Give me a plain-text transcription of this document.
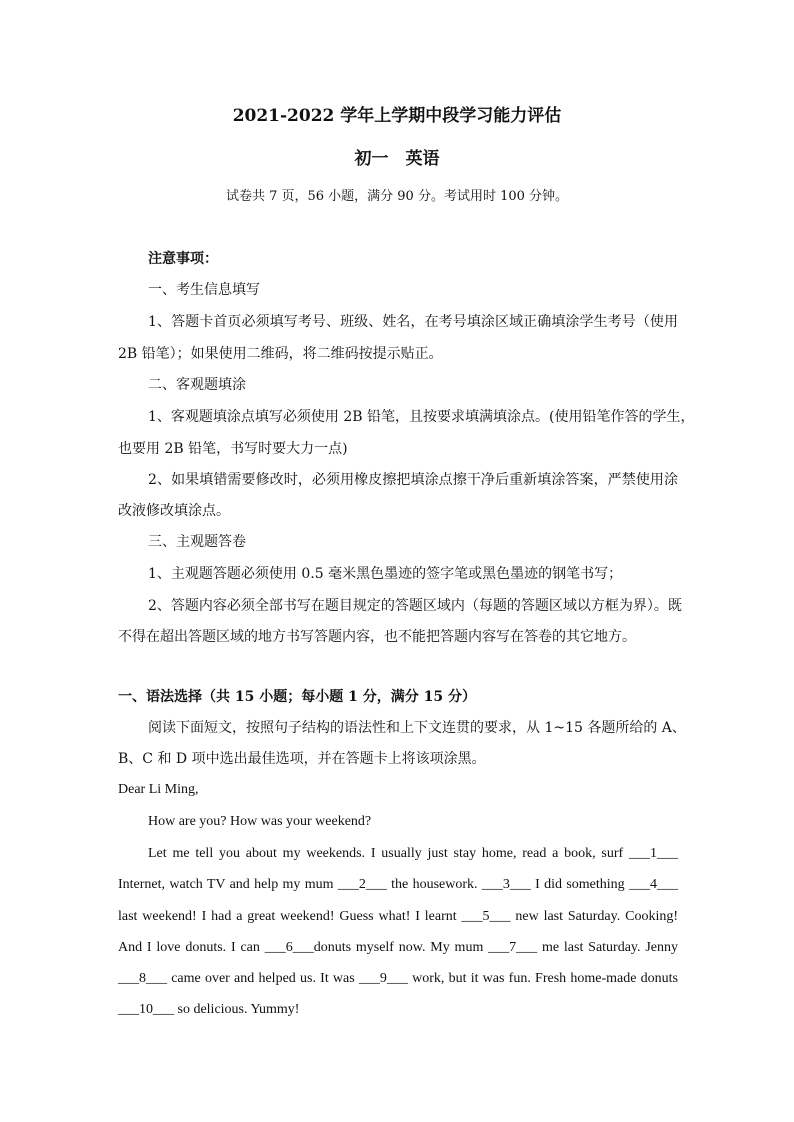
2021-2022 学年上学期中段学习能力评估
初一　英语
试卷共 7 页，56 小题，满分 90 分。考试用时 100 分钟。
注意事项：
一、考生信息填写
1、答题卡首页必须填写考号、班级、姓名，在考号填涂区域正确填涂学生考号（使用
2B 铅笔）；如果使用二维码，将二维码按提示贴正。
二、客观题填涂
1、客观题填涂点填写必须使用 2B 铅笔，且按要求填满填涂点。(使用铅笔作答的学生，
也要用 2B 铅笔，书写时要大力一点)
2、如果填错需要修改时，必须用橡皮擦把填涂点擦干净后重新填涂答案，严禁使用涂
改液修改填涂点。
三、主观题答卷
1、主观题答题必须使用 0.5 毫米黑色墨迹的签字笔或黑色墨迹的钢笔书写；
2、答题内容必须全部书写在题目规定的答题区域内（每题的答题区域以方框为界）。既
不得在超出答题区域的地方书写答题内容，也不能把答题内容写在答卷的其它地方。
一、语法选择（共 15 小题；每小题 1 分，满分 15 分）
阅读下面短文，按照句子结构的语法性和上下文连贯的要求，从 1~15 各题所给的 A、
B、C 和 D 项中选出最佳选项，并在答题卡上将该项涂黑。
Dear Li Ming,
How are you? How was your weekend?
Let me tell you about my weekends. I usually just stay home, read a book, surf ___1___
Internet, watch TV and help my mum ___2___ the housework. ___3___ I did something ___4___
last weekend! I had a great weekend! Guess what! I learnt ___5___ new last Saturday. Cooking!
And I love donuts. I can ___6___donuts myself now. My mum ___7___ me last Saturday. Jenny
___8___ came over and helped us. It was ___9___ work, but it was fun. Fresh home-made donuts
___10___ so delicious. Yummy!
